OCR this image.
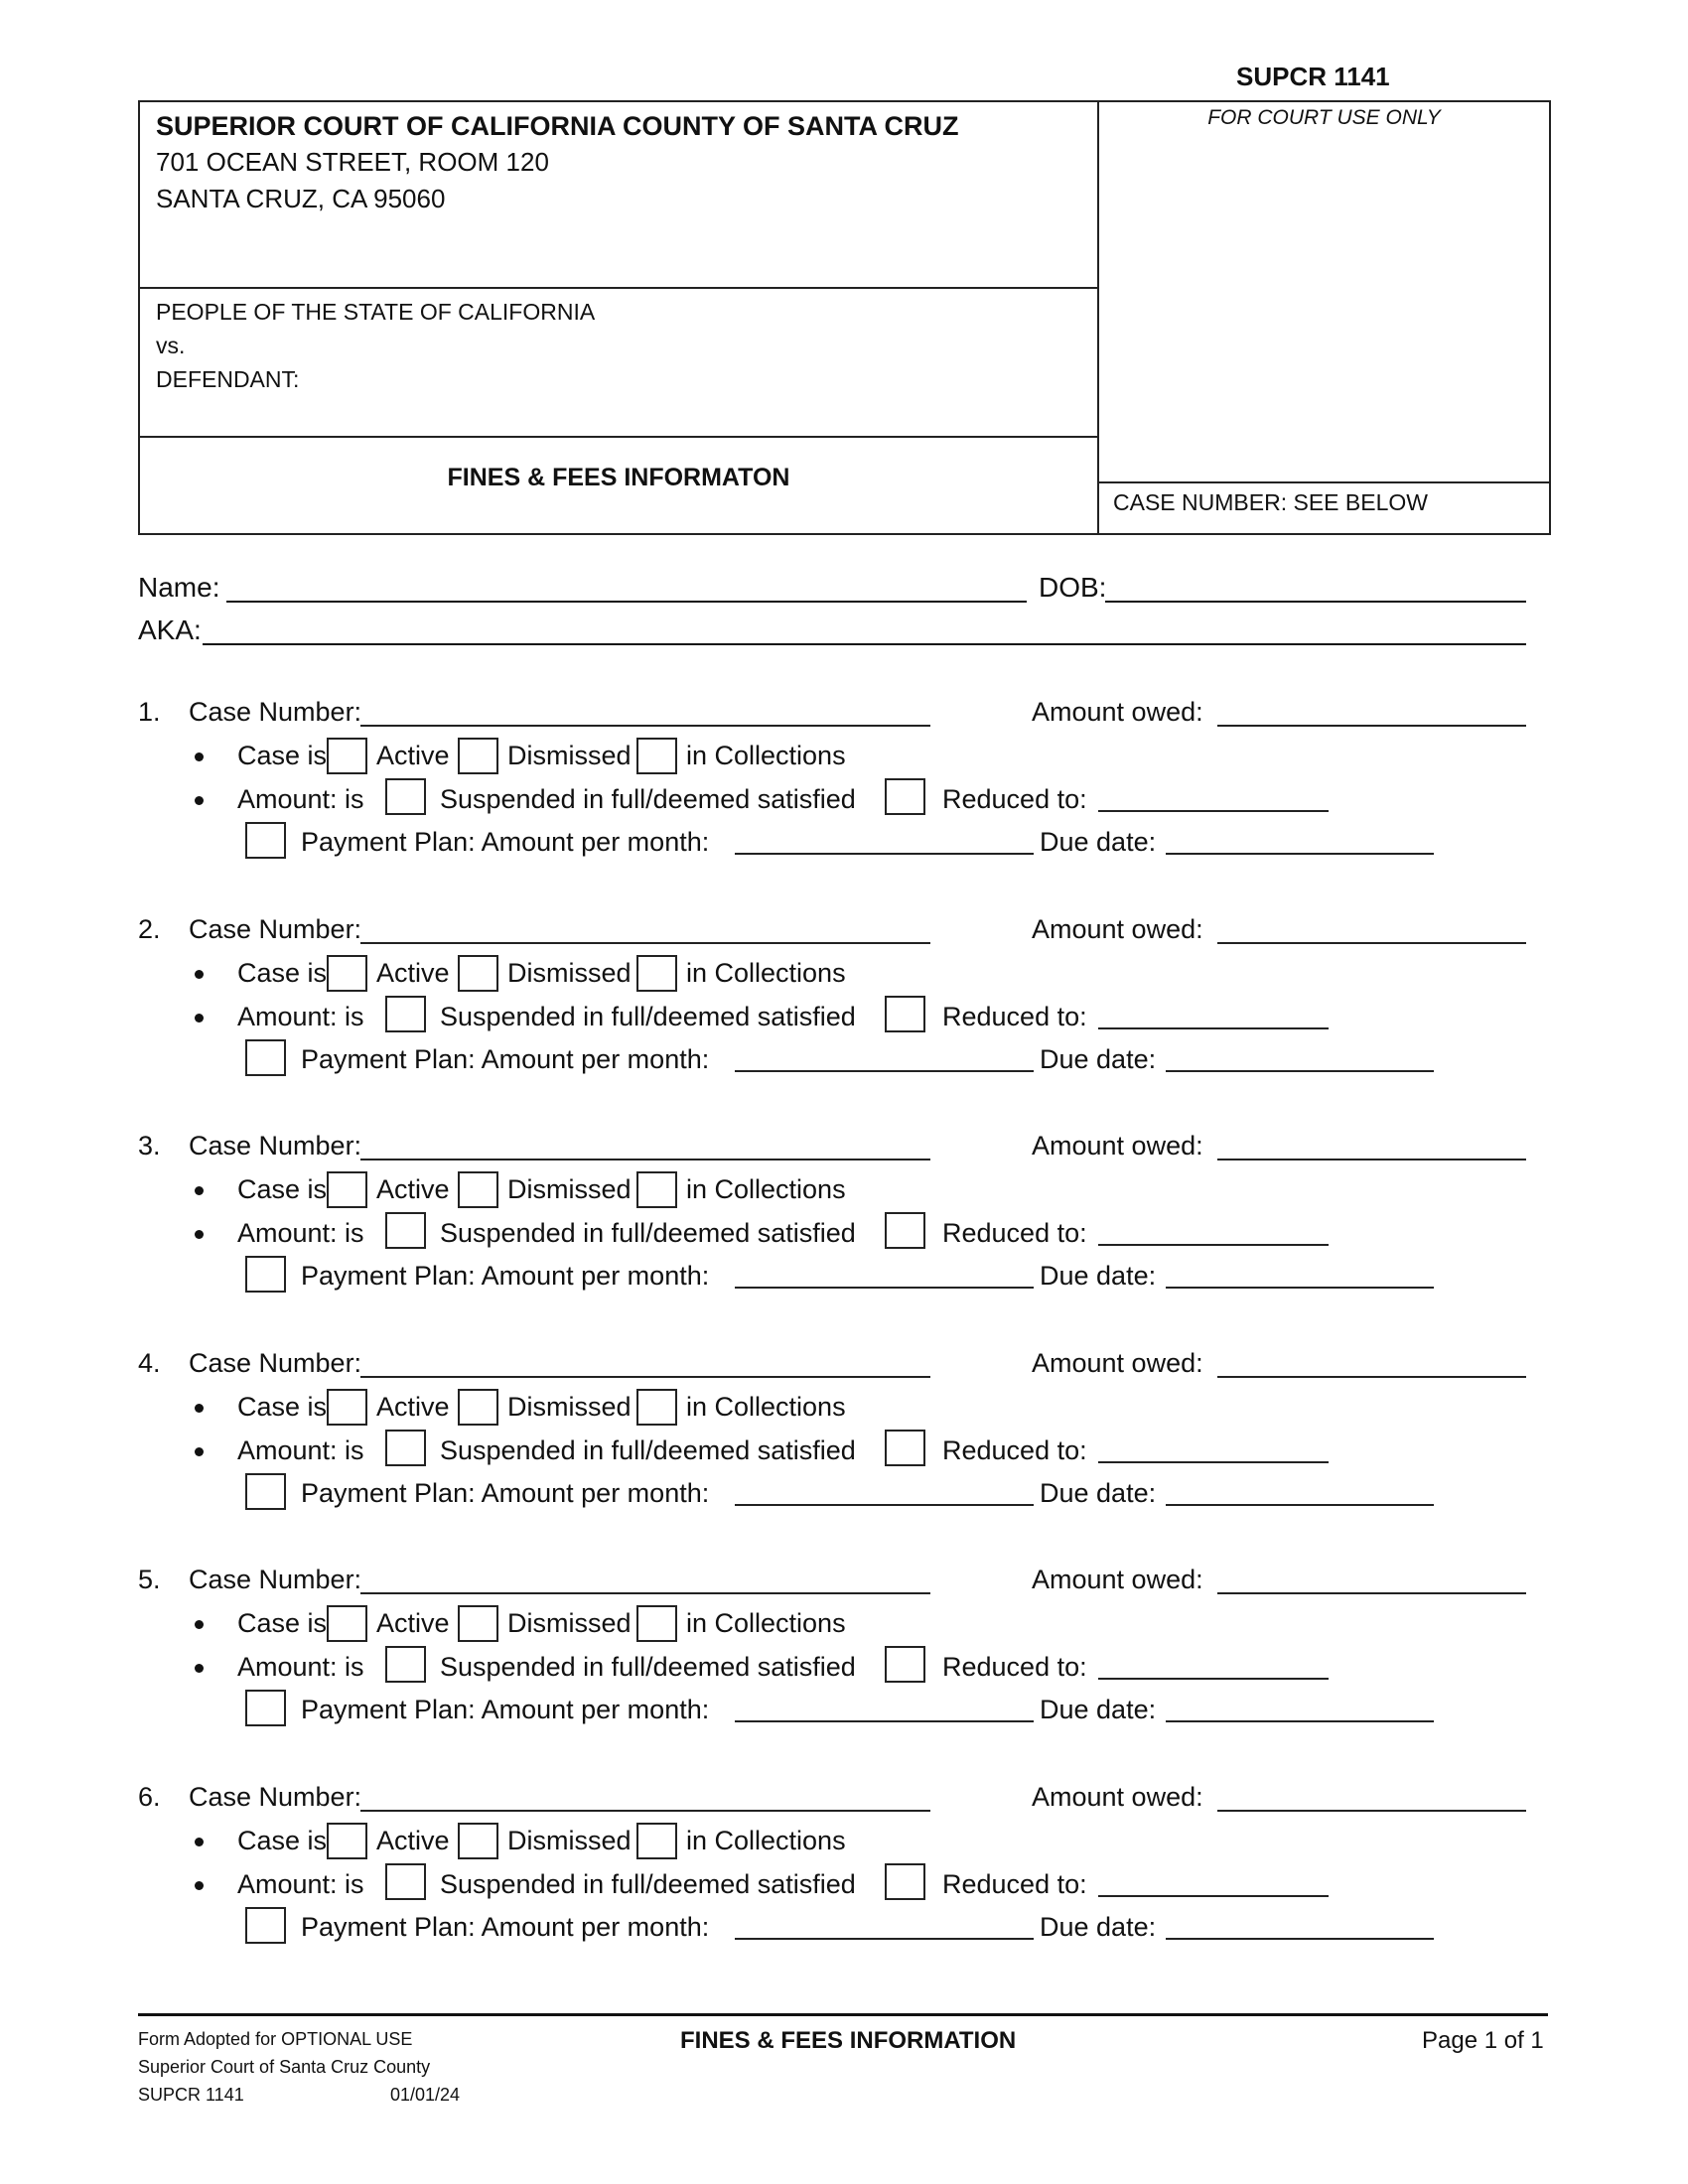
SUPCR 1141
SUPERIOR COURT OF CALIFORNIA COUNTY OF SANTA CRUZ
701 OCEAN STREET, ROOM 120
SANTA CRUZ, CA 95060
PEOPLE OF THE STATE OF CALIFORNIA
vs.
DEFENDANT:
FINES & FEES INFORMATON
FOR COURT USE ONLY
CASE NUMBER: SEE BELOW
Name:	DOB:
AKA:
1. Case Number:	Amount owed:
Case is Active Dismissed in Collections
Amount: is	Suspended in full/deemed satisfied	Reduced to:
Payment Plan: Amount per month:	Due date:
2. Case Number:	Amount owed:
Case is Active Dismissed in Collections
Amount: is	Suspended in full/deemed satisfied	Reduced to:
Payment Plan: Amount per month:	Due date:
3. Case Number:	Amount owed:
Case is Active Dismissed in Collections
Amount: is	Suspended in full/deemed satisfied	Reduced to:
Payment Plan: Amount per month:	Due date:
4. Case Number:	Amount owed:
Case is Active Dismissed in Collections
Amount: is	Suspended in full/deemed satisfied	Reduced to:
Payment Plan: Amount per month:	Due date:
5. Case Number:	Amount owed:
Case is Active Dismissed in Collections
Amount: is	Suspended in full/deemed satisfied	Reduced to:
Payment Plan: Amount per month:	Due date:
6. Case Number:	Amount owed:
Case is Active Dismissed in Collections
Amount: is	Suspended in full/deemed satisfied	Reduced to:
Payment Plan: Amount per month:	Due date:
Form Adopted for OPTIONAL USE
Superior Court of Santa Cruz County
SUPCR 1141	01/01/24
FINES & FEES INFORMATION	Page 1 of 1
